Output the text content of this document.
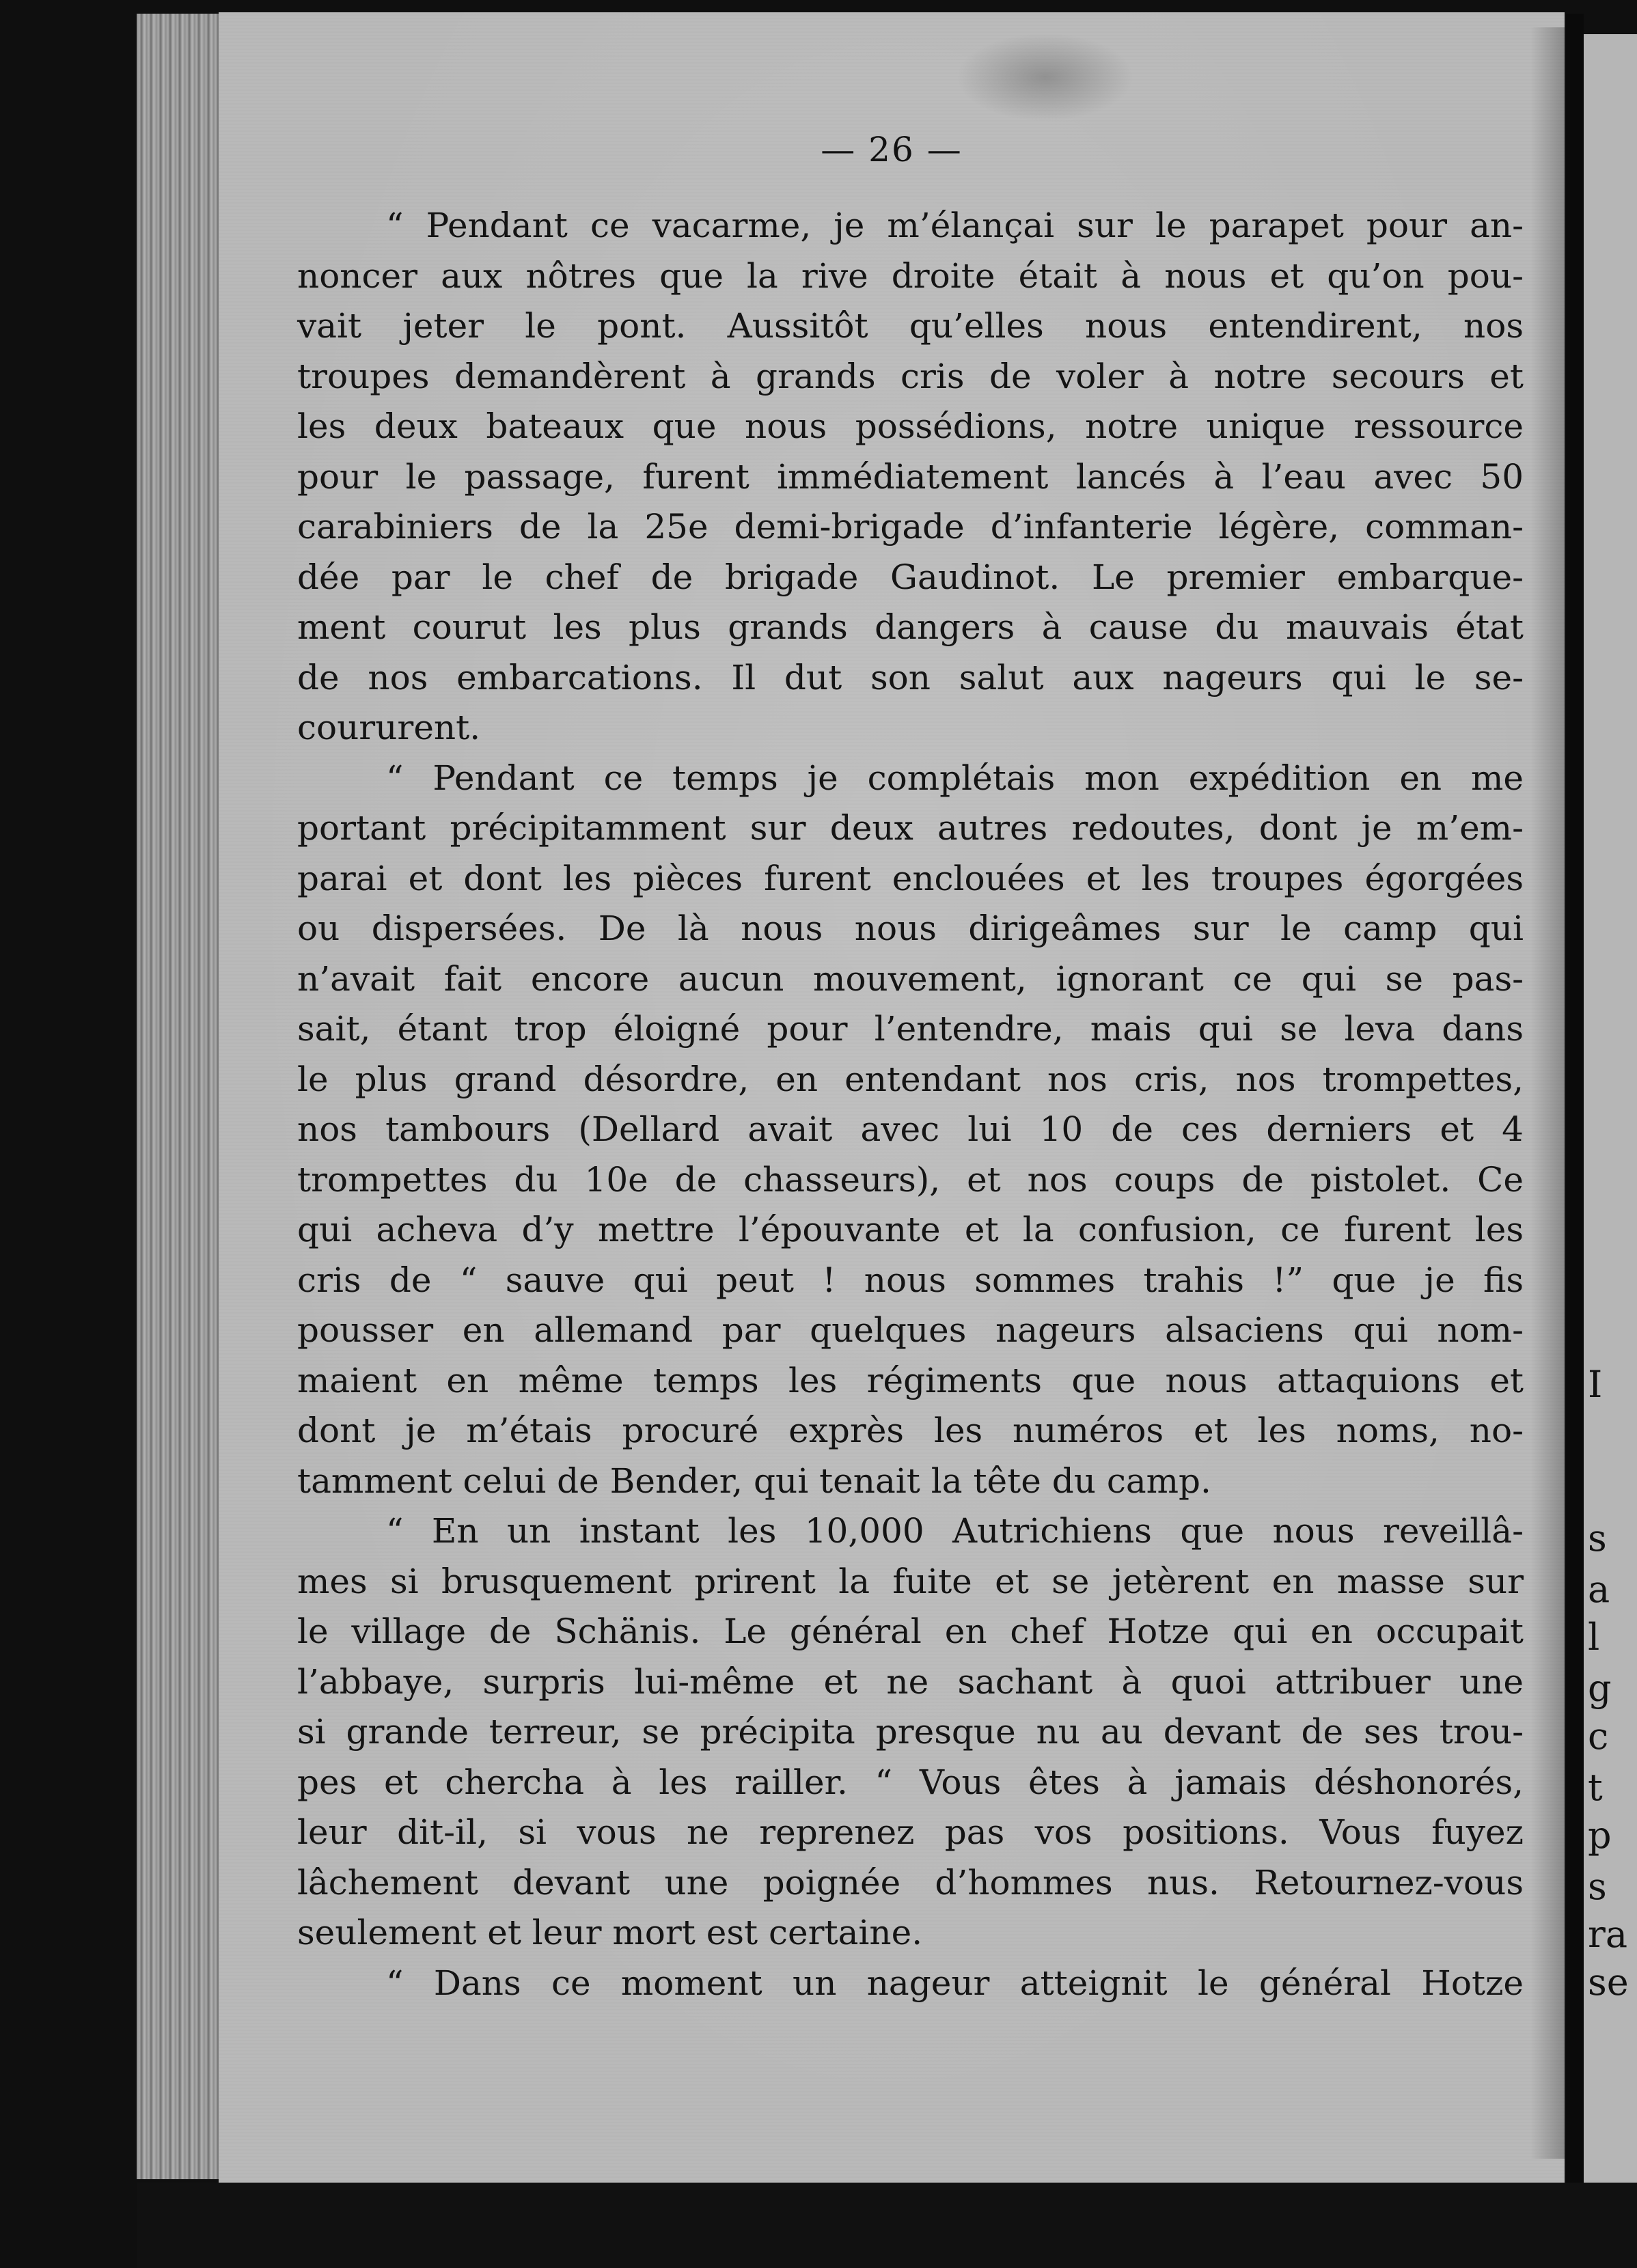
— 26 —

“ Pendant ce vacarme, je m’élançai sur le parapet pour an-
noncer aux nôtres que la rive droite était à nous et qu’on pou-
vait jeter le pont. Aussitôt qu’elles nous entendirent, nos
troupes demandèrent à grands cris de voler à notre secours et
les deux bateaux que nous possédions, notre unique ressource
pour le passage, furent immédiatement lancés à l’eau avec 50
carabiniers de la 25e demi-brigade d’infanterie légère, comman-
dée par le chef de brigade Gaudinot. Le premier embarque-
ment courut les plus grands dangers à cause du mauvais état
de nos embarcations. Il dut son salut aux nageurs qui le se-
coururent.
“ Pendant ce temps je complétais mon expédition en me
portant précipitamment sur deux autres redoutes, dont je m’em-
parai et dont les pièces furent enclouées et les troupes égorgées
ou dispersées. De là nous nous dirigeâmes sur le camp qui
n’avait fait encore aucun mouvement, ignorant ce qui se pas-
sait, étant trop éloigné pour l’entendre, mais qui se leva dans
le plus grand désordre, en entendant nos cris, nos trompettes,
nos tambours (Dellard avait avec lui 10 de ces derniers et 4
trompettes du 10e de chasseurs), et nos coups de pistolet. Ce
qui acheva d’y mettre l’épouvante et la confusion, ce furent les
cris de “ sauve qui peut ! nous sommes trahis !” que je fis
pousser en allemand par quelques nageurs alsaciens qui nom-
maient en même temps les régiments que nous attaquions et
dont je m’étais procuré exprès les numéros et les noms, no-
tamment celui de Bender, qui tenait la tête du camp.
“ En un instant les 10,000 Autrichiens que nous reveillâ-
mes si brusquement prirent la fuite et se jetèrent en masse sur
le village de Schänis. Le général en chef Hotze qui en occupait
l’abbaye, surpris lui-même et ne sachant à quoi attribuer une
si grande terreur, se précipita presque nu au devant de ses trou-
pes et chercha à les railler. “ Vous êtes à jamais déshonorés,
leur dit-il, si vous ne reprenez pas vos positions. Vous fuyez
lâchement devant une poignée d’hommes nus. Retournez-vous
seulement et leur mort est certaine.
“ Dans ce moment un nageur atteignit le général Hotze
I
s
a
l
g
c
t
p
s
ra
se
